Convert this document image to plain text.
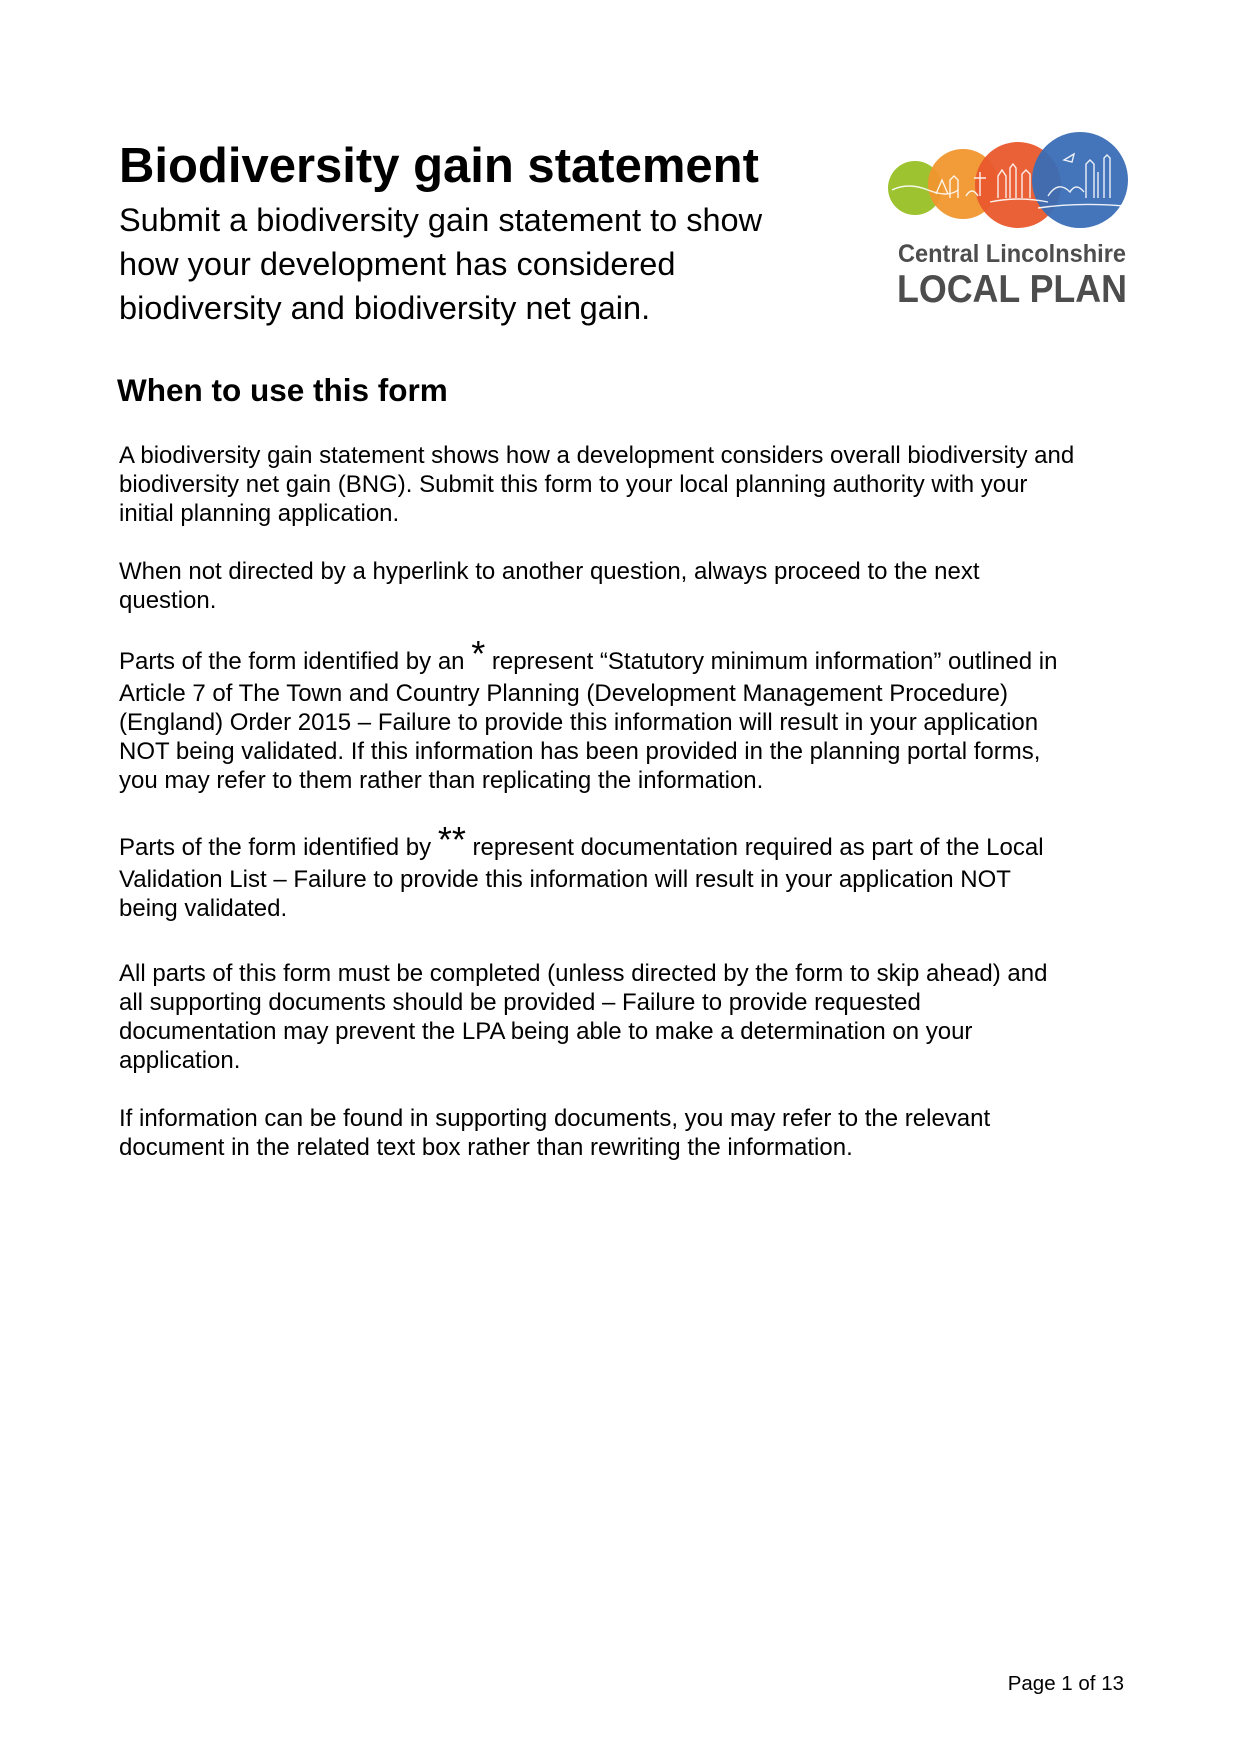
Biodiversity gain statement

Submit a biodiversity gain statement to show
how your development has considered
biodiversity and biodiversity net gain.

Central Lincolnshire
LOCAL PLAN
When to use this form

A biodiversity gain statement shows how a development considers overall biodiversity and
biodiversity net gain (BNG). Submit this form to your local planning authority with your
initial planning application.

When not directed by a hyperlink to another question, always proceed to the next
question.

Parts of the form identified by an * represent “Statutory minimum information” outlined in
Article 7 of The Town and Country Planning (Development Management Procedure)
(England) Order 2015 – Failure to provide this information will result in your application
NOT being validated. If this information has been provided in the planning portal forms,
you may refer to them rather than replicating the information.

Parts of the form identified by ** represent documentation required as part of the Local
Validation List – Failure to provide this information will result in your application NOT
being validated.

All parts of this form must be completed (unless directed by the form to skip ahead) and
all supporting documents should be provided – Failure to provide requested
documentation may prevent the LPA being able to make a determination on your
application.

If information can be found in supporting documents, you may refer to the relevant
document in the related text box rather than rewriting the information.

Page 1 of 13
